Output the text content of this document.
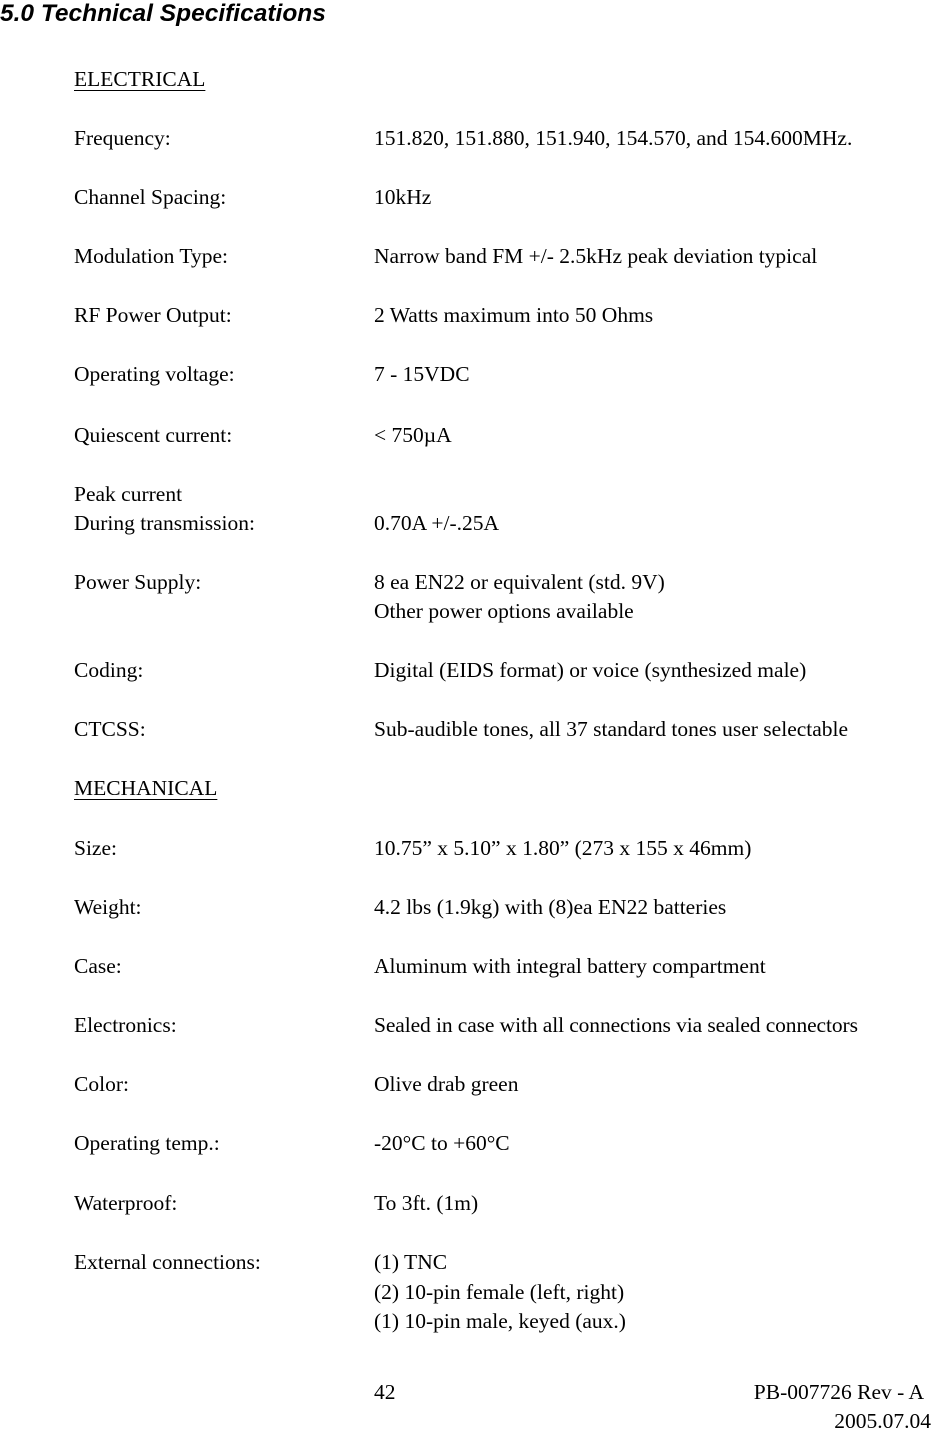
5.0 Technical Specifications
ELECTRICAL
Frequency:	151.820, 151.880, 151.940, 154.570, and 154.600MHz.
Channel Spacing:	10kHz
Modulation Type:	Narrow band FM +/- 2.5kHz peak deviation typical
RF Power Output:	2 Watts maximum into 50 Ohms
Operating voltage:	7 - 15VDC
Quiescent current:	< 750µA
Peak current
During transmission:	0.70A +/-.25A
Power Supply:	8 ea EN22 or equivalent (std. 9V)
Other power options available
Coding:	Digital (EIDS format) or voice (synthesized male)
CTCSS:	Sub-audible tones, all 37 standard tones user selectable
MECHANICAL
Size:	10.75” x 5.10” x 1.80” (273 x 155 x 46mm)
Weight:	4.2 lbs (1.9kg) with (8)ea EN22 batteries
Case:	Aluminum with integral battery compartment
Electronics:	Sealed in case with all connections via sealed connectors
Color:	Olive drab green
Operating temp.:	-20°C to +60°C
Waterproof:	To 3ft. (1m)
External connections:	(1) TNC
(2) 10-pin female (left, right)
(1) 10-pin male, keyed (aux.)
42	PB-007726 Rev - A
2005.07.04
